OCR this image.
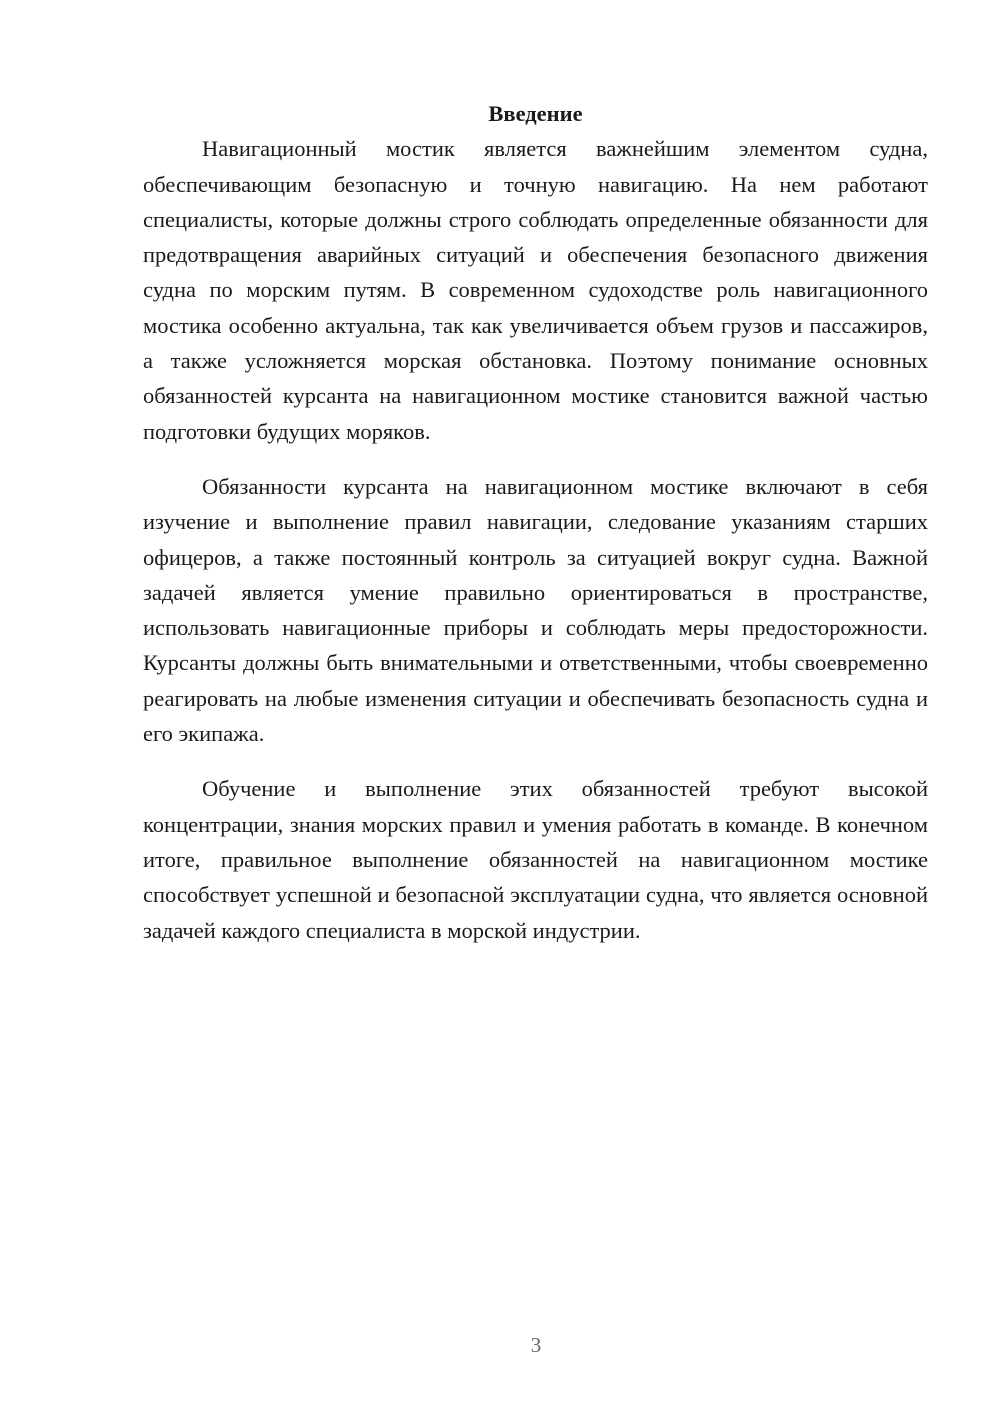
Введение

Навигационный мостик является важнейшим элементом судна, обеспечивающим безопасную и точную навигацию. На нем работают специалисты, которые должны строго соблюдать определенные обязанности для предотвращения аварийных ситуаций и обеспечения безопасного движения судна по морским путям. В современном судоходстве роль навигационного мостика особенно актуальна, так как увеличивается объем грузов и пассажиров, а также усложняется морская обстановка. Поэтому понимание основных обязанностей курсанта на навигационном мостике становится важной частью подготовки будущих моряков.

Обязанности курсанта на навигационном мостике включают в себя изучение и выполнение правил навигации, следование указаниям старших офицеров, а также постоянный контроль за ситуацией вокруг судна. Важной задачей является умение правильно ориентироваться в пространстве, использовать навигационные приборы и соблюдать меры предосторожности. Курсанты должны быть внимательными и ответственными, чтобы своевременно реагировать на любые изменения ситуации и обеспечивать безопасность судна и его экипажа.

Обучение и выполнение этих обязанностей требуют высокой концентрации, знания морских правил и умения работать в команде. В конечном итоге, правильное выполнение обязанностей на навигационном мостике способствует успешной и безопасной эксплуатации судна, что является основной задачей каждого специалиста в морской индустрии.

3
